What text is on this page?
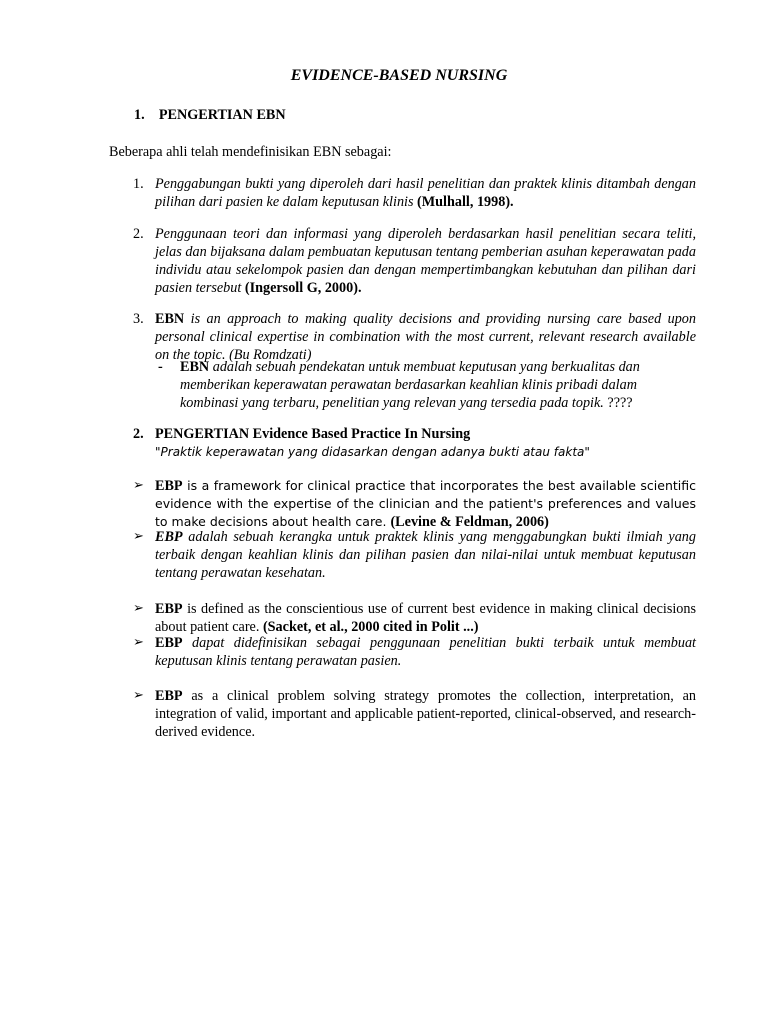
EVIDENCE-BASED NURSING
1. PENGERTIAN EBN
Beberapa ahli telah mendefinisikan EBN sebagai:
1. Penggabungan bukti yang diperoleh dari hasil penelitian dan praktek klinis ditambah dengan pilihan dari pasien ke dalam keputusan klinis (Mulhall, 1998).
2. Penggunaan teori dan informasi yang diperoleh berdasarkan hasil penelitian secara teliti, jelas dan bijaksana dalam pembuatan keputusan tentang pemberian asuhan keperawatan pada individu atau sekelompok pasien dan dengan mempertimbangkan kebutuhan dan pilihan dari pasien tersebut (Ingersoll G, 2000).
3. EBN is an approach to making quality decisions and providing nursing care based upon personal clinical expertise in combination with the most current, relevant research available on the topic. (Bu Romdzati)
- EBN adalah sebuah pendekatan untuk membuat keputusan yang berkualitas dan memberikan keperawatan perawatan berdasarkan keahlian klinis pribadi dalam kombinasi yang terbaru, penelitian yang relevan yang tersedia pada topik. ????
2. PENGERTIAN Evidence Based Practice In Nursing
"Praktik keperawatan yang didasarkan dengan adanya bukti atau fakta"
➢ EBP is a framework for clinical practice that incorporates the best available scientific evidence with the expertise of the clinician and the patient's preferences and values to make decisions about health care. (Levine & Feldman, 2006)
➢ EBP adalah sebuah kerangka untuk praktek klinis yang menggabungkan bukti ilmiah yang terbaik dengan keahlian klinis dan pilihan pasien dan nilai-nilai untuk membuat keputusan tentang perawatan kesehatan.
➢ EBP is defined as the conscientious use of current best evidence in making clinical decisions about patient care. (Sacket, et al., 2000 cited in Polit ...)
➢ EBP dapat didefinisikan sebagai penggunaan penelitian bukti terbaik untuk membuat keputusan klinis tentang perawatan pasien.
➢ EBP as a clinical problem solving strategy promotes the collection, interpretation, an integration of valid, important and applicable patient-reported, clinical-observed, and research-derived evidence.
